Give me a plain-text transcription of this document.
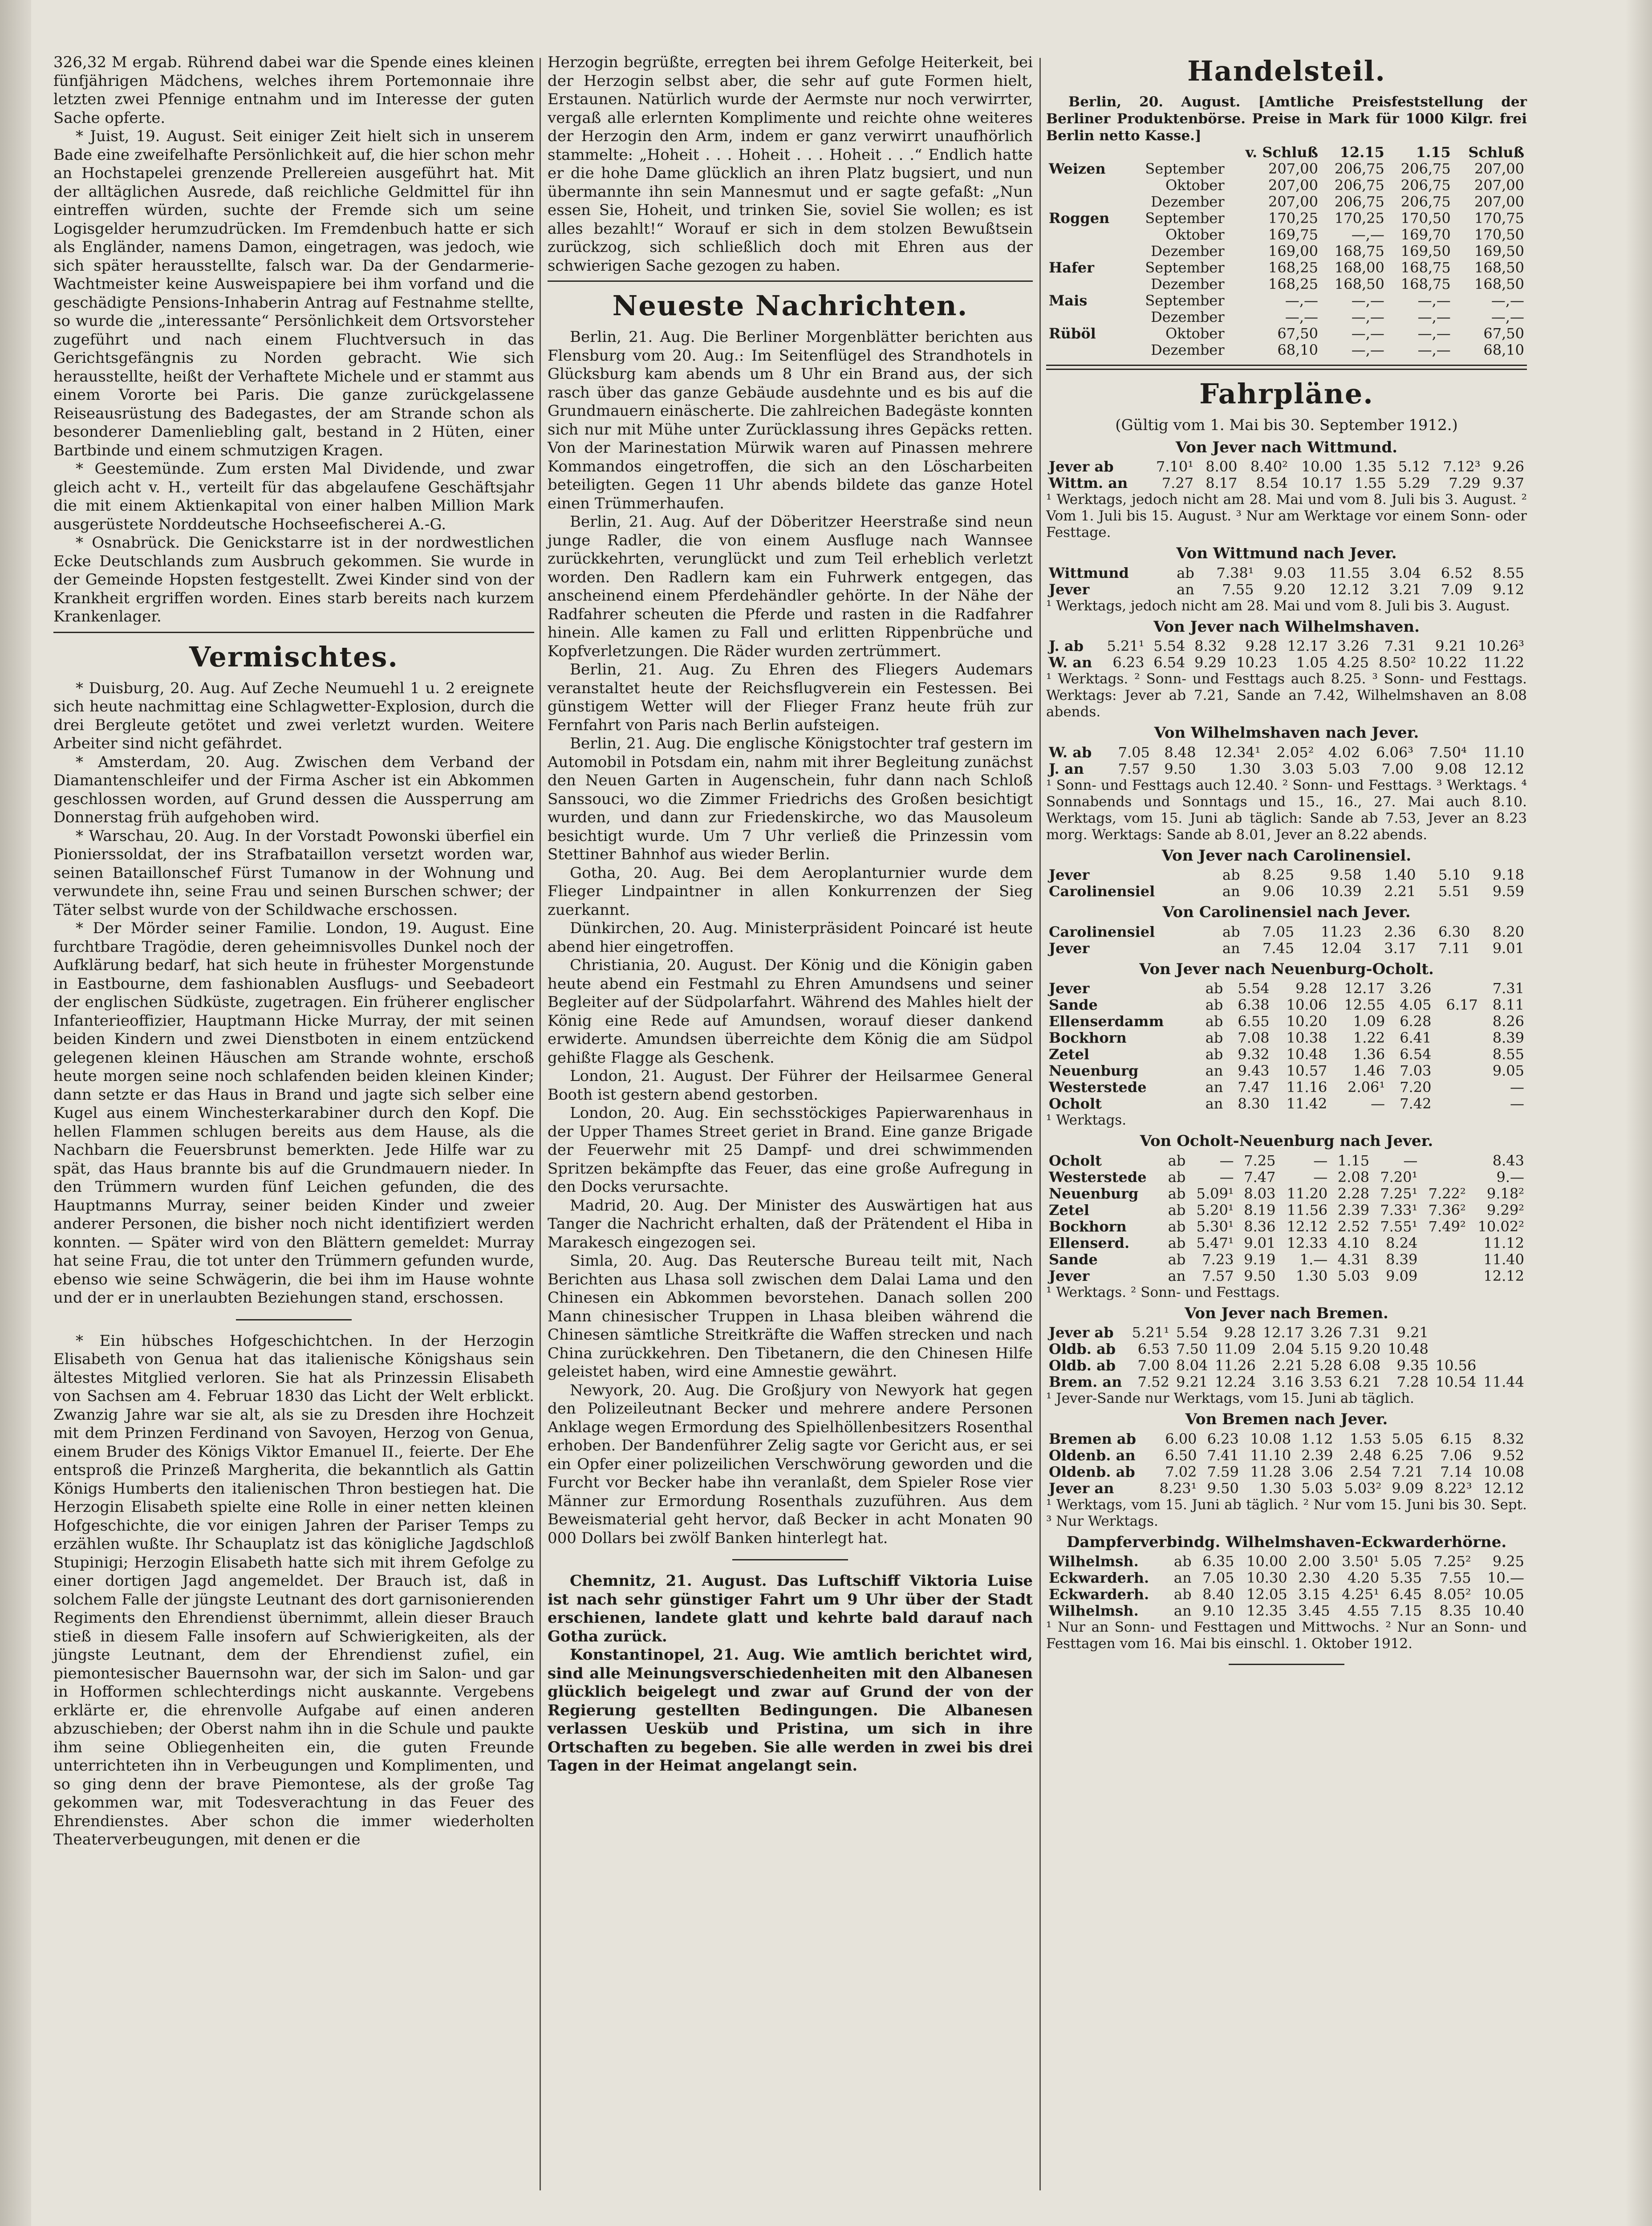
326,32 M ergab. Rührend dabei war die Spende eines kleinen fünfjährigen Mädchens, welches ihrem Portemonnaie ihre letzten zwei Pfennige entnahm und im Interesse der guten Sache opferte.

* Juist, 19. August. Seit einiger Zeit hielt sich in unserem Bade eine zweifelhafte Persönlichkeit auf, die hier schon mehr an Hochstapelei grenzende Prellereien ausgeführt hat. Mit der alltäglichen Ausrede, daß reichliche Geldmittel für ihn eintreffen würden, suchte der Fremde sich um seine Logisgelder herumzudrücken. Im Fremdenbuch hatte er sich als Engländer, namens Damon, eingetragen, was jedoch, wie sich später herausstellte, falsch war. Da der Gendarmerie-Wachtmeister keine Ausweispapiere bei ihm vorfand und die geschädigte Pensions-Inhaberin Antrag auf Festnahme stellte, so wurde die „interessante“ Persönlichkeit dem Ortsvorsteher zugeführt und nach einem Fluchtversuch in das Gerichtsgefängnis zu Norden gebracht. Wie sich herausstellte, heißt der Verhaftete Michele und er stammt aus einem Vororte bei Paris. Die ganze zurückgelassene Reiseausrüstung des Badegastes, der am Strande schon als besonderer Damenliebling galt, bestand in 2 Hüten, einer Bartbinde und einem schmutzigen Kragen.

* Geestemünde. Zum ersten Mal Dividende, und zwar gleich acht v. H., verteilt für das abgelaufene Geschäftsjahr die mit einem Aktienkapital von einer halben Million Mark ausgerüstete Norddeutsche Hochseefischerei A.-G.

* Osnabrück. Die Genickstarre ist in der nordwestlichen Ecke Deutschlands zum Ausbruch gekommen. Sie wurde in der Gemeinde Hopsten festgestellt. Zwei Kinder sind von der Krankheit ergriffen worden. Eines starb bereits nach kurzem Krankenlager.

Vermischtes.

* Duisburg, 20. Aug. Auf Zeche Neumuehl 1 u. 2 ereignete sich heute nachmittag eine Schlagwetter-Explosion, durch die drei Bergleute getötet und zwei verletzt wurden. Weitere Arbeiter sind nicht gefährdet.

* Amsterdam, 20. Aug. Zwischen dem Verband der Diamantenschleifer und der Firma Ascher ist ein Abkommen geschlossen worden, auf Grund dessen die Aussperrung am Donnerstag früh aufgehoben wird.

* Warschau, 20. Aug. In der Vorstadt Powonski überfiel ein Pionierssoldat, der ins Strafbataillon versetzt worden war, seinen Bataillonschef Fürst Tumanow in der Wohnung und verwundete ihn, seine Frau und seinen Burschen schwer; der Täter selbst wurde von der Schildwache erschossen.

* Der Mörder seiner Familie. London, 19. August. Eine furchtbare Tragödie, deren geheimnisvolles Dunkel noch der Aufklärung bedarf, hat sich heute in frühester Morgenstunde in Eastbourne, dem fashionablen Ausflugs- und Seebadeort der englischen Südküste, zugetragen. Ein früherer englischer Infanterieoffizier, Hauptmann Hicke Murray, der mit seinen beiden Kindern und zwei Dienstboten in einem entzückend gelegenen kleinen Häuschen am Strande wohnte, erschoß heute morgen seine noch schlafenden beiden kleinen Kinder; dann setzte er das Haus in Brand und jagte sich selber eine Kugel aus einem Winchesterkarabiner durch den Kopf. Die hellen Flammen schlugen bereits aus dem Hause, als die Nachbarn die Feuersbrunst bemerkten. Jede Hilfe war zu spät, das Haus brannte bis auf die Grundmauern nieder. In den Trümmern wurden fünf Leichen gefunden, die des Hauptmanns Murray, seiner beiden Kinder und zweier anderer Personen, die bisher noch nicht identifiziert werden konnten. — Später wird von den Blättern gemeldet: Murray hat seine Frau, die tot unter den Trümmern gefunden wurde, ebenso wie seine Schwägerin, die bei ihm im Hause wohnte und der er in unerlaubten Beziehungen stand, erschossen.

* Ein hübsches Hofgeschichtchen. In der Herzogin Elisabeth von Genua hat das italienische Königshaus sein ältestes Mitglied verloren. Sie hat als Prinzessin Elisabeth von Sachsen am 4. Februar 1830 das Licht der Welt erblickt. Zwanzig Jahre war sie alt, als sie zu Dresden ihre Hochzeit mit dem Prinzen Ferdinand von Savoyen, Herzog von Genua, einem Bruder des Königs Viktor Emanuel II., feierte. Der Ehe entsproß die Prinzeß Margherita, die bekanntlich als Gattin Königs Humberts den italienischen Thron bestiegen hat. Die Herzogin Elisabeth spielte eine Rolle in einer netten kleinen Hofgeschichte, die vor einigen Jahren der Pariser Temps zu erzählen wußte. Ihr Schauplatz ist das königliche Jagdschloß Stupinigi; Herzogin Elisabeth hatte sich mit ihrem Gefolge zu einer dortigen Jagd angemeldet. Der Brauch ist, daß in solchem Falle der jüngste Leutnant des dort garnisonierenden Regiments den Ehrendienst übernimmt, allein dieser Brauch stieß in diesem Falle insofern auf Schwierigkeiten, als der jüngste Leutnant, dem der Ehrendienst zufiel, ein piemontesischer Bauernsohn war, der sich im Salon- und gar in Hofformen schlechterdings nicht auskannte. Vergebens erklärte er, die ehrenvolle Aufgabe auf einen anderen abzuschieben; der Oberst nahm ihn in die Schule und paukte ihm seine Obliegenheiten ein, die guten Freunde unterrichteten ihn in Verbeugungen und Komplimenten, und so ging denn der brave Piemontese, als der große Tag gekommen war, mit Todesverachtung in das Feuer des Ehrendienstes. Aber schon die immer wiederholten Theaterverbeugungen, mit denen er die

Herzogin begrüßte, erregten bei ihrem Gefolge Heiterkeit, bei der Herzogin selbst aber, die sehr auf gute Formen hielt, Erstaunen. Natürlich wurde der Aermste nur noch verwirrter, vergaß alle erlernten Komplimente und reichte ohne weiteres der Herzogin den Arm, indem er ganz verwirrt unaufhörlich stammelte: „Hoheit . . . Hoheit . . . Hoheit . . .“ Endlich hatte er die hohe Dame glücklich an ihren Platz bugsiert, und nun übermannte ihn sein Mannesmut und er sagte gefaßt: „Nun essen Sie, Hoheit, und trinken Sie, soviel Sie wollen; es ist alles bezahlt!“ Worauf er sich in dem stolzen Bewußtsein zurückzog, sich schließlich doch mit Ehren aus der schwierigen Sache gezogen zu haben.

Neueste Nachrichten.

Berlin, 21. Aug. Die Berliner Morgenblätter berichten aus Flensburg vom 20. Aug.: Im Seitenflügel des Strandhotels in Glücksburg kam abends um 8 Uhr ein Brand aus, der sich rasch über das ganze Gebäude ausdehnte und es bis auf die Grundmauern einäscherte. Die zahlreichen Badegäste konnten sich nur mit Mühe unter Zurücklassung ihres Gepäcks retten. Von der Marinestation Mürwik waren auf Pinassen mehrere Kommandos eingetroffen, die sich an den Löscharbeiten beteiligten. Gegen 11 Uhr abends bildete das ganze Hotel einen Trümmerhaufen.

Berlin, 21. Aug. Auf der Döberitzer Heerstraße sind neun junge Radler, die von einem Ausfluge nach Wannsee zurückkehrten, verunglückt und zum Teil erheblich verletzt worden. Den Radlern kam ein Fuhrwerk entgegen, das anscheinend einem Pferdehändler gehörte. In der Nähe der Radfahrer scheuten die Pferde und rasten in die Radfahrer hinein. Alle kamen zu Fall und erlitten Rippenbrüche und Kopfverletzungen. Die Räder wurden zertrümmert.

Berlin, 21. Aug. Zu Ehren des Fliegers Audemars veranstaltet heute der Reichsflugverein ein Festessen. Bei günstigem Wetter will der Flieger Franz heute früh zur Fernfahrt von Paris nach Berlin aufsteigen.

Berlin, 21. Aug. Die englische Königstochter traf gestern im Automobil in Potsdam ein, nahm mit ihrer Begleitung zunächst den Neuen Garten in Augenschein, fuhr dann nach Schloß Sanssouci, wo die Zimmer Friedrichs des Großen besichtigt wurden, und dann zur Friedenskirche, wo das Mausoleum besichtigt wurde. Um 7 Uhr verließ die Prinzessin vom Stettiner Bahnhof aus wieder Berlin.

Gotha, 20. Aug. Bei dem Aeroplanturnier wurde dem Flieger Lindpaintner in allen Konkurrenzen der Sieg zuerkannt.

Dünkirchen, 20. Aug. Ministerpräsident Poincaré ist heute abend hier eingetroffen.

Christiania, 20. August. Der König und die Königin gaben heute abend ein Festmahl zu Ehren Amundsens und seiner Begleiter auf der Südpolarfahrt. Während des Mahles hielt der König eine Rede auf Amundsen, worauf dieser dankend erwiderte. Amundsen überreichte dem König die am Südpol gehißte Flagge als Geschenk.

London, 21. August. Der Führer der Heilsarmee General Booth ist gestern abend gestorben.

London, 20. Aug. Ein sechsstöckiges Papierwarenhaus in der Upper Thames Street geriet in Brand. Eine ganze Brigade der Feuerwehr mit 25 Dampf- und drei schwimmenden Spritzen bekämpfte das Feuer, das eine große Aufregung in den Docks verursachte.

Madrid, 20. Aug. Der Minister des Auswärtigen hat aus Tanger die Nachricht erhalten, daß der Prätendent el Hiba in Marakesch eingezogen sei.

Simla, 20. Aug. Das Reutersche Bureau teilt mit, Nach Berichten aus Lhasa soll zwischen dem Dalai Lama und den Chinesen ein Abkommen bevorstehen. Danach sollen 200 Mann chinesischer Truppen in Lhasa bleiben während die Chinesen sämtliche Streitkräfte die Waffen strecken und nach China zurückkehren. Den Tibetanern, die den Chinesen Hilfe geleistet haben, wird eine Amnestie gewährt.

Newyork, 20. Aug. Die Großjury von Newyork hat gegen den Polizeileutnant Becker und mehrere andere Personen Anklage wegen Ermordung des Spielhöllenbesitzers Rosenthal erhoben. Der Bandenführer Zelig sagte vor Gericht aus, er sei ein Opfer einer polizeilichen Verschwörung geworden und die Furcht vor Becker habe ihn veranlaßt, dem Spieler Rose vier Männer zur Ermordung Rosenthals zuzuführen. Aus dem Beweismaterial geht hervor, daß Becker in acht Monaten 90 000 Dollars bei zwölf Banken hinterlegt hat.

Chemnitz, 21. August. Das Luftschiff Viktoria Luise ist nach sehr günstiger Fahrt um 9 Uhr über der Stadt erschienen, landete glatt und kehrte bald darauf nach Gotha zurück.

Konstantinopel, 21. Aug. Wie amtlich berichtet wird, sind alle Meinungsverschiedenheiten mit den Albanesen glücklich beigelegt und zwar auf Grund der von der Regierung gestellten Bedingungen. Die Albanesen verlassen Uesküb und Pristina, um sich in ihre Ortschaften zu begeben. Sie alle werden in zwei bis drei Tagen in der Heimat angelangt sein.

Handelsteil.

Berlin, 20. August. [Amtliche Preisfeststellung der Berliner Produktenbörse. Preise in Mark für 1000 Kilgr. frei Berlin netto Kasse.]

		v. Schluß	12.15	1.15	Schluß
Weizen	September	207,00	206,75	206,75	207,00
	Oktober	207,00	206,75	206,75	207,00
	Dezember	207,00	206,75	206,75	207,00
Roggen	September	170,25	170,25	170,50	170,75
	Oktober	169,75	—,—	169,70	170,50
	Dezember	169,00	168,75	169,50	169,50
Hafer	September	168,25	168,00	168,75	168,50
	Dezember	168,25	168,50	168,75	168,50
Mais	September	—,—	—,—	—,—	—,—
	Dezember	—,—	—,—	—,—	—,—
Rüböl	Oktober	67,50	—,—	—,—	67,50
	Dezember	68,10	—,—	—,—	68,10
Fahrpläne.
(Gültig vom 1. Mai bis 30. September 1912.)
Von Jever nach Wittmund.
Jever ab	7.10¹	8.00	8.40²	10.00	1.35	5.12	7.12³	9.26
Wittm. an	7.27	8.17	8.54	10.17	1.55	5.29	7.29	9.37
¹ Werktags, jedoch nicht am 28. Mai und vom 8. Juli bis 3. August. ² Vom 1. Juli bis 15. August. ³ Nur am Werktage vor einem Sonn- oder Festtage.
Von Wittmund nach Jever.
Wittmund	ab	7.38¹	9.03	11.55	3.04	6.52	8.55
Jever	an	7.55	9.20	12.12	3.21	7.09	9.12
¹ Werktags, jedoch nicht am 28. Mai und vom 8. Juli bis 3. August.
Von Jever nach Wilhelmshaven.
J. ab	5.21¹	5.54	8.32	9.28	12.17	3.26	7.31	9.21	10.26³
W. an	6.23	6.54	9.29	10.23	1.05	4.25	8.50²	10.22	11.22
¹ Werktags. ² Sonn- und Festtags auch 8.25. ³ Sonn- und Festtags. Werktags: Jever ab 7.21, Sande an 7.42, Wilhelmshaven an 8.08 abends.
Von Wilhelmshaven nach Jever.
W. ab	7.05	8.48	12.34¹	2.05²	4.02	6.06³	7.50⁴	11.10
J. an	7.57	9.50	1.30	3.03	5.03	7.00	9.08	12.12
¹ Sonn- und Festtags auch 12.40. ² Sonn- und Festtags. ³ Werktags. ⁴ Sonnabends und Sonntags und 15., 16., 27. Mai auch 8.10. Werktags, vom 15. Juni ab täglich: Sande ab 7.53, Jever an 8.23 morg. Werktags: Sande ab 8.01, Jever an 8.22 abends.
Von Jever nach Carolinensiel.
Jever	ab	8.25	9.58	1.40	5.10	9.18
Carolinensiel	an	9.06	10.39	2.21	5.51	9.59
Von Carolinensiel nach Jever.
Carolinensiel	ab	7.05	11.23	2.36	6.30	8.20
Jever	an	7.45	12.04	3.17	7.11	9.01
Von Jever nach Neuenburg-Ocholt.
Jever	ab	5.54	9.28	12.17	3.26		7.31
Sande	ab	6.38	10.06	12.55	4.05	6.17	8.11
Ellenserdamm	ab	6.55	10.20	1.09	6.28		8.26
Bockhorn	ab	7.08	10.38	1.22	6.41		8.39
Zetel	ab	9.32	10.48	1.36	6.54		8.55
Neuenburg	an	9.43	10.57	1.46	7.03		9.05
Westerstede	an	7.47	11.16	2.06¹	7.20		—
Ocholt	an	8.30	11.42	—	7.42		—
¹ Werktags.
Von Ocholt-Neuenburg nach Jever.
Ocholt	ab	—	7.25	—	1.15	—		8.43
Westerstede	ab	—	7.47	—	2.08	7.20¹		9.—
Neuenburg	ab	5.09¹	8.03	11.20	2.28	7.25¹	7.22²	9.18²
Zetel	ab	5.20¹	8.19	11.56	2.39	7.33¹	7.36²	9.29²
Bockhorn	ab	5.30¹	8.36	12.12	2.52	7.55¹	7.49²	10.02²
Ellenserd.	ab	5.47¹	9.01	12.33	4.10	8.24		11.12
Sande	ab	7.23	9.19	1.—	4.31	8.39		11.40
Jever	an	7.57	9.50	1.30	5.03	9.09		12.12
¹ Werktags. ² Sonn- und Festtags.
Von Jever nach Bremen.
Jever ab	5.21¹	5.54	9.28	12.17	3.26	7.31	9.21		
Oldb. ab	6.53	7.50	11.09	2.04	5.15	9.20	10.48		
Oldb. ab	7.00	8.04	11.26	2.21	5.28	6.08	9.35	10.56	
Brem. an	7.52	9.21	12.24	3.16	3.53	6.21	7.28	10.54	11.44
¹ Jever-Sande nur Werktags, vom 15. Juni ab täglich.
Von Bremen nach Jever.
Bremen ab	6.00	6.23	10.08	1.12	1.53	5.05	6.15	8.32
Oldenb. an	6.50	7.41	11.10	2.39	2.48	6.25	7.06	9.52
Oldenb. ab	7.02	7.59	11.28	3.06	2.54	7.21	7.14	10.08
Jever an	8.23¹	9.50	1.30	5.03	5.03²	9.09	8.22³	12.12
¹ Werktags, vom 15. Juni ab täglich. ² Nur vom 15. Juni bis 30. Sept. ³ Nur Werktags.
Dampferverbindg. Wilhelmshaven-Eckwarderhörne.
Wilhelmsh.	ab	6.35	10.00	2.00	3.50¹	5.05	7.25²	9.25
Eckwarderh.	an	7.05	10.30	2.30	4.20	5.35	7.55	10.—
Eckwarderh.	ab	8.40	12.05	3.15	4.25¹	6.45	8.05²	10.05
Wilhelmsh.	an	9.10	12.35	3.45	4.55	7.15	8.35	10.40
¹ Nur an Sonn- und Festtagen und Mittwochs. ² Nur an Sonn- und Festtagen vom 16. Mai bis einschl. 1. Oktober 1912.
